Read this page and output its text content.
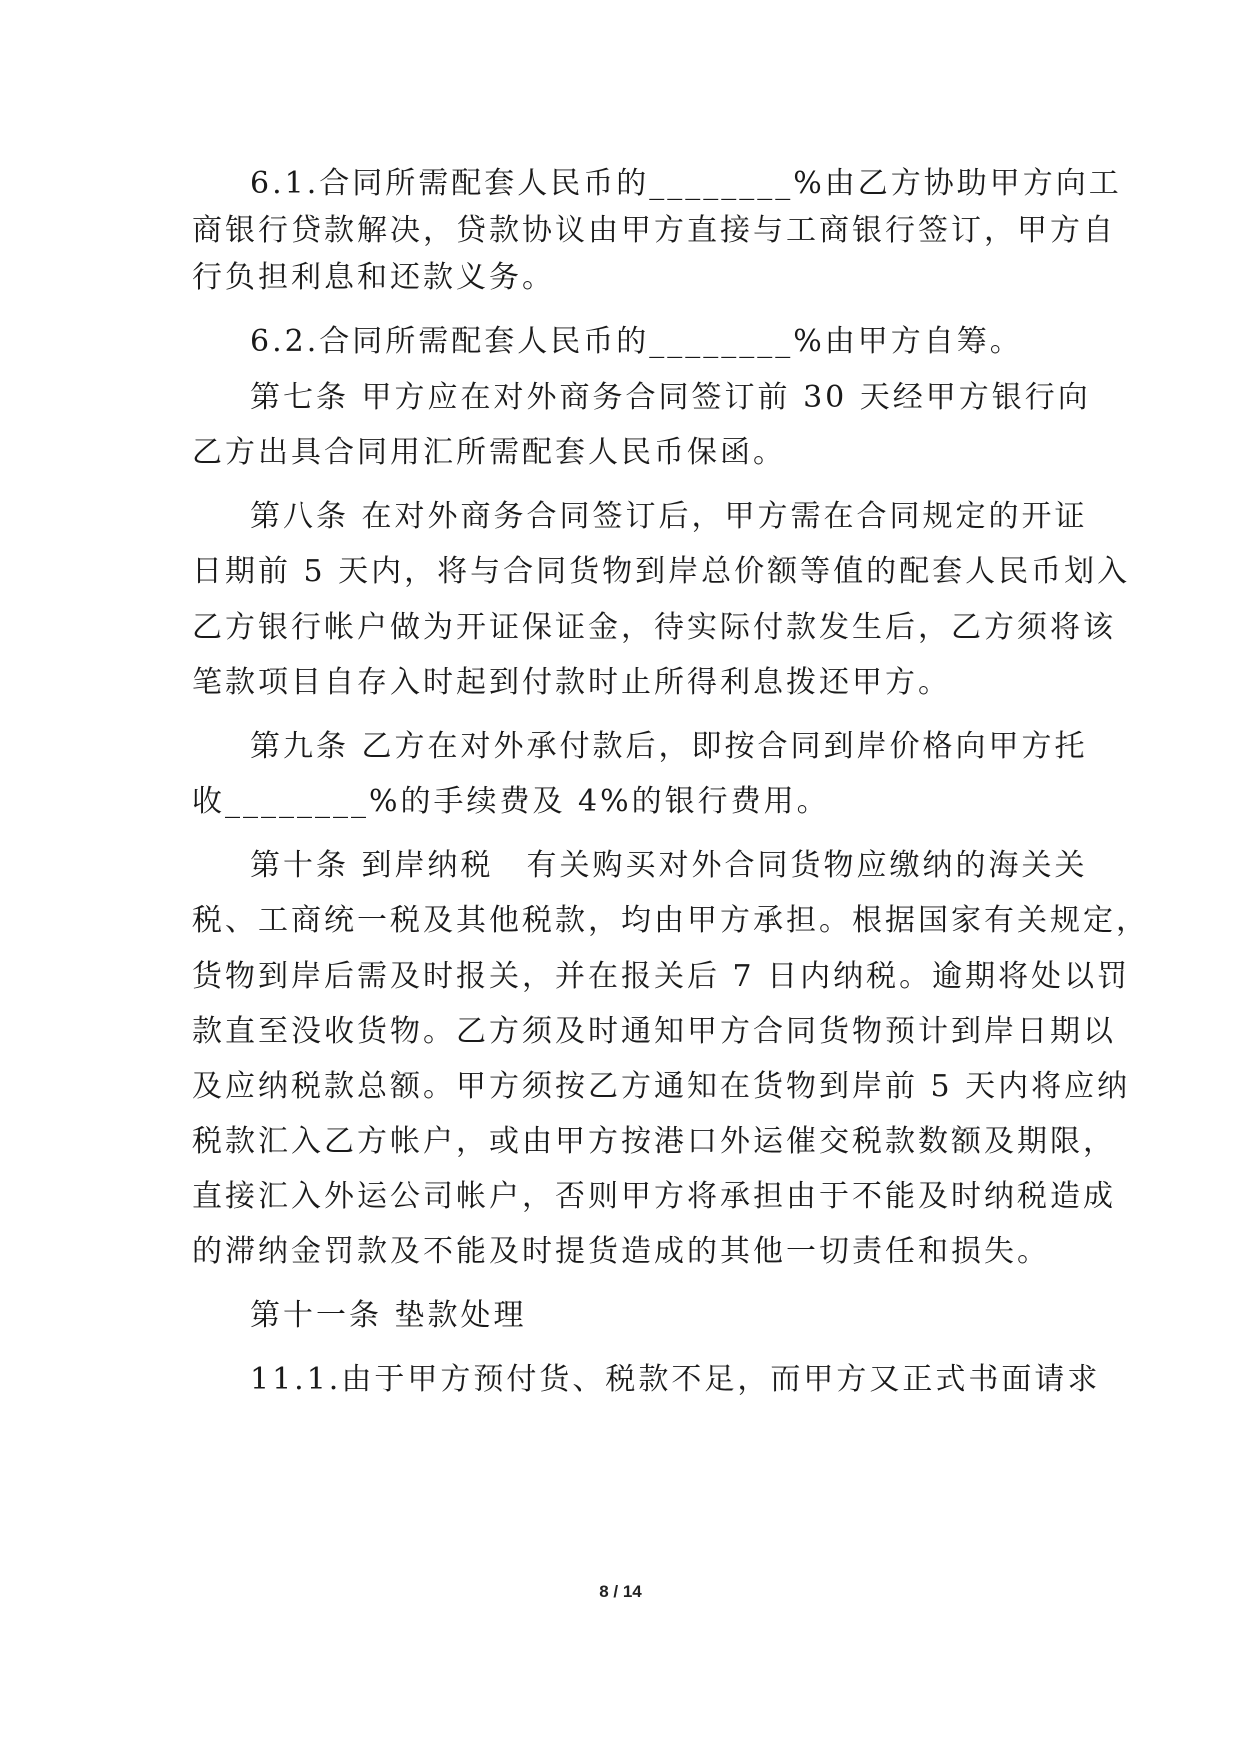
6.1.合同所需配套人民币的________%由乙方协助甲方向工
商银行贷款解决，贷款协议由甲方直接与工商银行签订，甲方自
行负担利息和还款义务。
6.2.合同所需配套人民币的________%由甲方自筹。
第七条 甲方应在对外商务合同签订前 30 天经甲方银行向
乙方出具合同用汇所需配套人民币保函。
第八条 在对外商务合同签订后，甲方需在合同规定的开证
日期前 5 天内，将与合同货物到岸总价额等值的配套人民币划入
乙方银行帐户做为开证保证金，待实际付款发生后，乙方须将该
笔款项目自存入时起到付款时止所得利息拨还甲方。
第九条 乙方在对外承付款后，即按合同到岸价格向甲方托
收________%的手续费及 4%的银行费用。
第十条 到岸纳税　有关购买对外合同货物应缴纳的海关关
税、工商统一税及其他税款，均由甲方承担。根据国家有关规定，
货物到岸后需及时报关，并在报关后 7 日内纳税。逾期将处以罚
款直至没收货物。乙方须及时通知甲方合同货物预计到岸日期以
及应纳税款总额。甲方须按乙方通知在货物到岸前 5 天内将应纳
税款汇入乙方帐户，或由甲方按港口外运催交税款数额及期限，
直接汇入外运公司帐户，否则甲方将承担由于不能及时纳税造成
的滞纳金罚款及不能及时提货造成的其他一切责任和损失。
第十一条 垫款处理
11.1.由于甲方预付货、税款不足，而甲方又正式书面请求
8 / 14
